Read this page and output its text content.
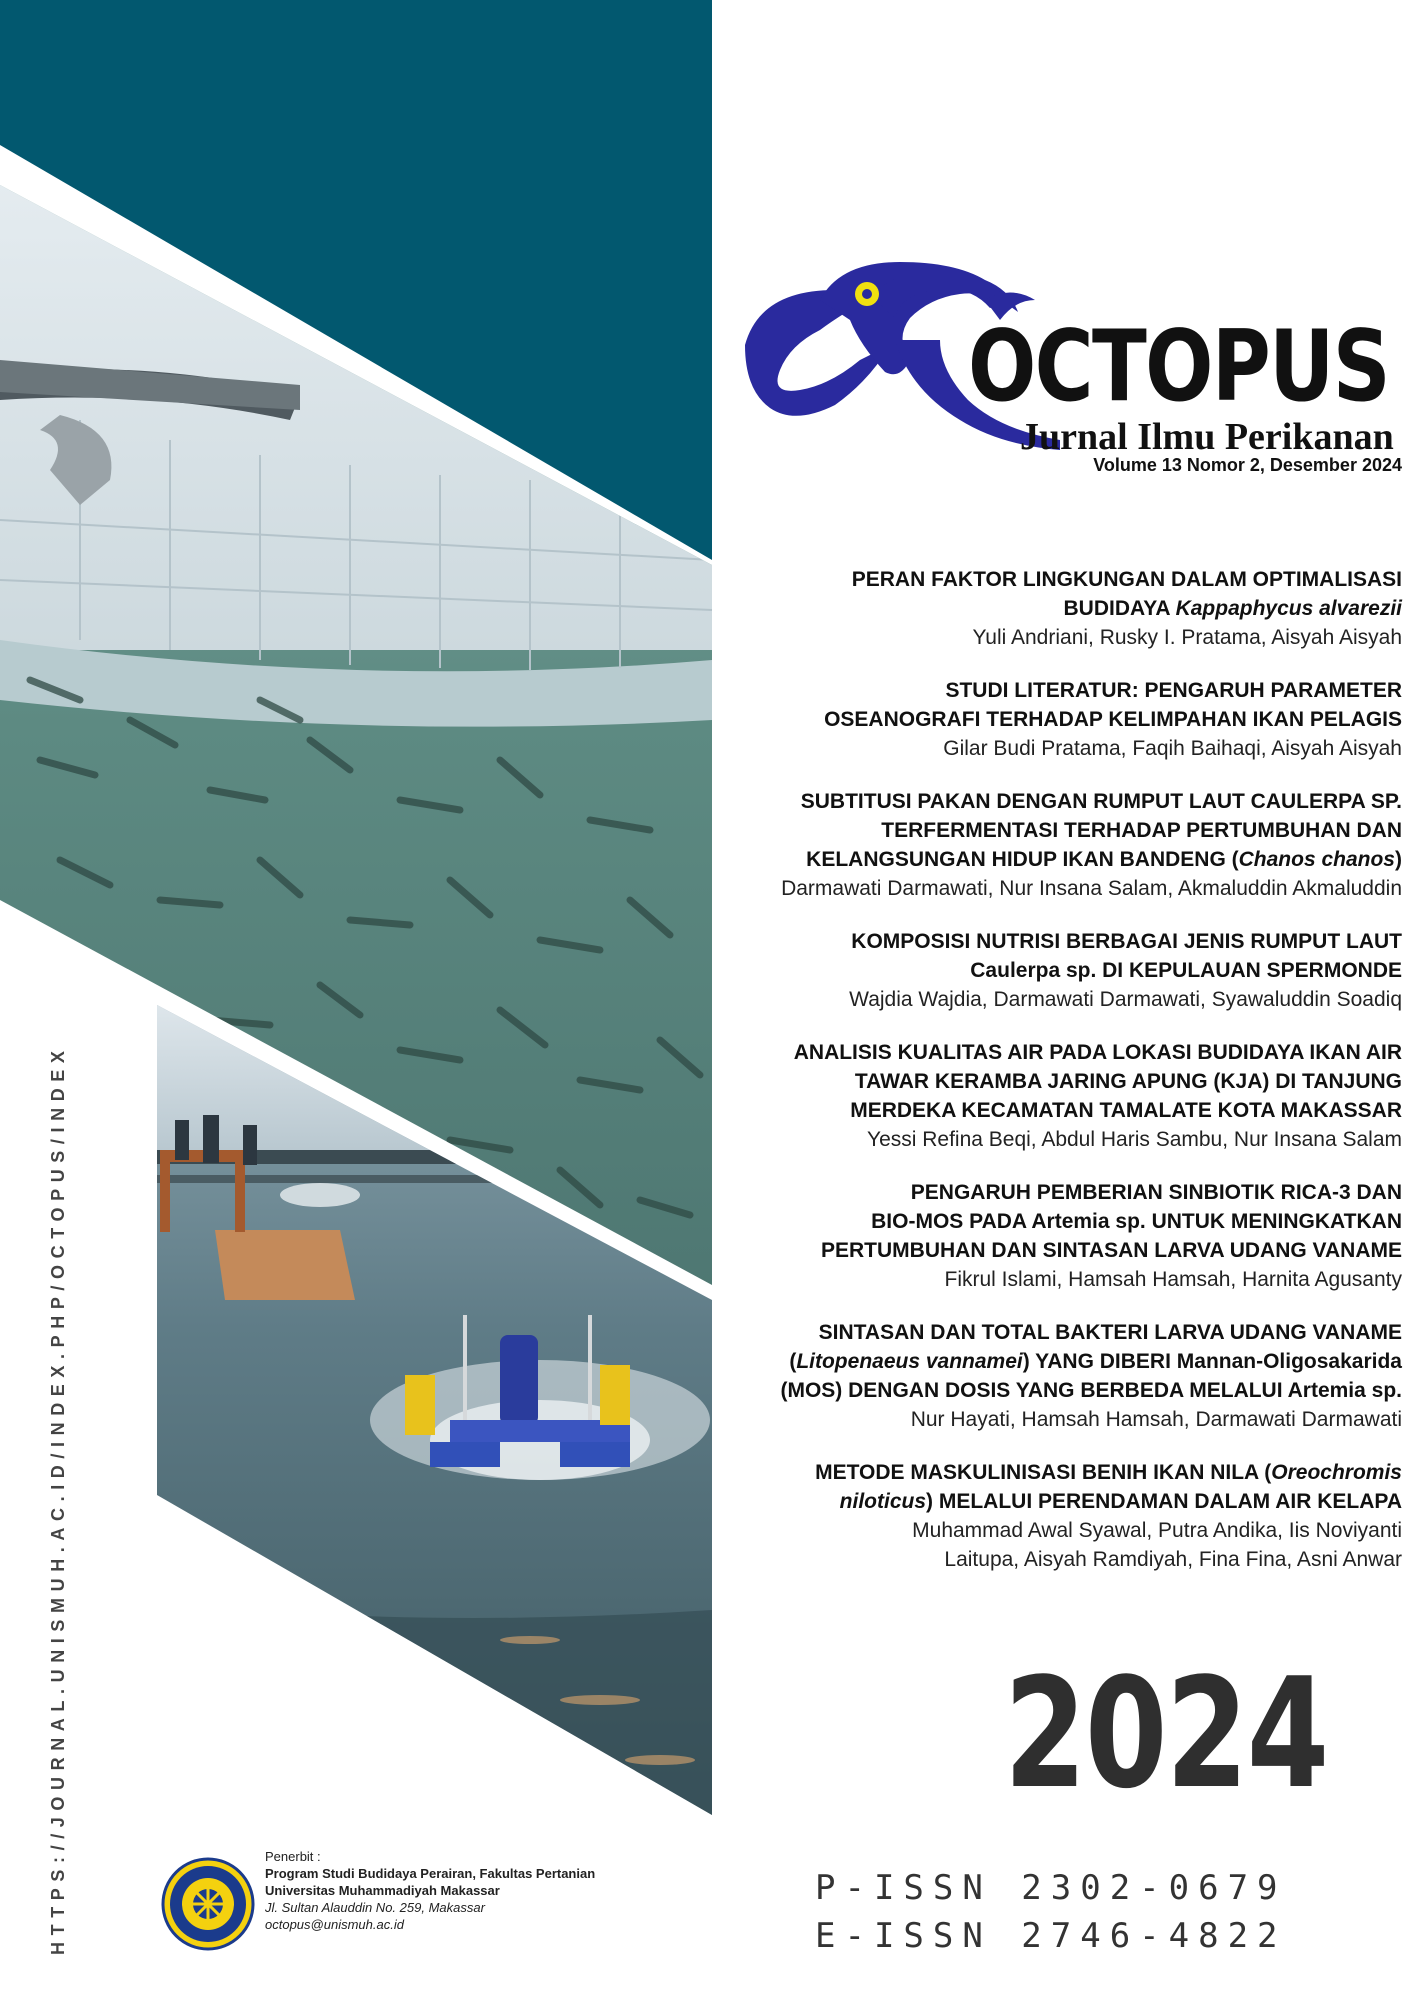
OCTOPUS
Jurnal Ilmu Perikanan
Volume 13 Nomor 2, Desember 2024
PERAN FAKTOR LINGKUNGAN DALAM OPTIMALISASI
BUDIDAYA Kappaphycus alvarezii
Yuli Andriani, Rusky I. Pratama, Aisyah Aisyah
STUDI LITERATUR: PENGARUH PARAMETER
OSEANOGRAFI TERHADAP KELIMPAHAN IKAN PELAGIS
Gilar Budi Pratama, Faqih Baihaqi, Aisyah Aisyah
SUBTITUSI PAKAN DENGAN RUMPUT LAUT CAULERPA SP.
TERFERMENTASI TERHADAP PERTUMBUHAN DAN
KELANGSUNGAN HIDUP IKAN BANDENG (Chanos chanos)
Darmawati Darmawati, Nur Insana Salam, Akmaluddin Akmaluddin
KOMPOSISI NUTRISI BERBAGAI JENIS RUMPUT LAUT
Caulerpa sp. DI KEPULAUAN SPERMONDE
Wajdia Wajdia, Darmawati Darmawati, Syawaluddin Soadiq
ANALISIS KUALITAS AIR PADA LOKASI BUDIDAYA IKAN AIR
TAWAR KERAMBA JARING APUNG (KJA) DI TANJUNG
MERDEKA KECAMATAN TAMALATE KOTA MAKASSAR
Yessi Refina Beqi, Abdul Haris Sambu, Nur Insana Salam
PENGARUH PEMBERIAN SINBIOTIK RICA-3 DAN
BIO-MOS PADA Artemia sp. UNTUK MENINGKATKAN
PERTUMBUHAN DAN SINTASAN LARVA UDANG VANAME
Fikrul Islami, Hamsah Hamsah, Harnita Agusanty
SINTASAN DAN TOTAL BAKTERI LARVA UDANG VANAME
(Litopenaeus vannamei) YANG DIBERI Mannan-Oligosakarida
(MOS) DENGAN DOSIS YANG BERBEDA MELALUI Artemia sp.
Nur Hayati, Hamsah Hamsah, Darmawati Darmawati
METODE MASKULINISASI BENIH IKAN NILA (Oreochromis
niloticus) MELALUI PERENDAMAN DALAM AIR KELAPA
Muhammad Awal Syawal, Putra Andika, Iis Noviyanti
Laitupa, Aisyah Ramdiyah, Fina Fina, Asni Anwar
2024
P-ISSN 2302-0679
E-ISSN 2746-4822
HTTPS://JOURNAL.UNISMUH.AC.ID/INDEX.PHP/OCTOPUS/INDEX	Penerbit :
Program Studi Budidaya Perairan, Fakultas Pertanian
Universitas Muhammadiyah Makassar
Jl. Sultan Alauddin No. 259, Makassar
octopus@unismuh.ac.id
